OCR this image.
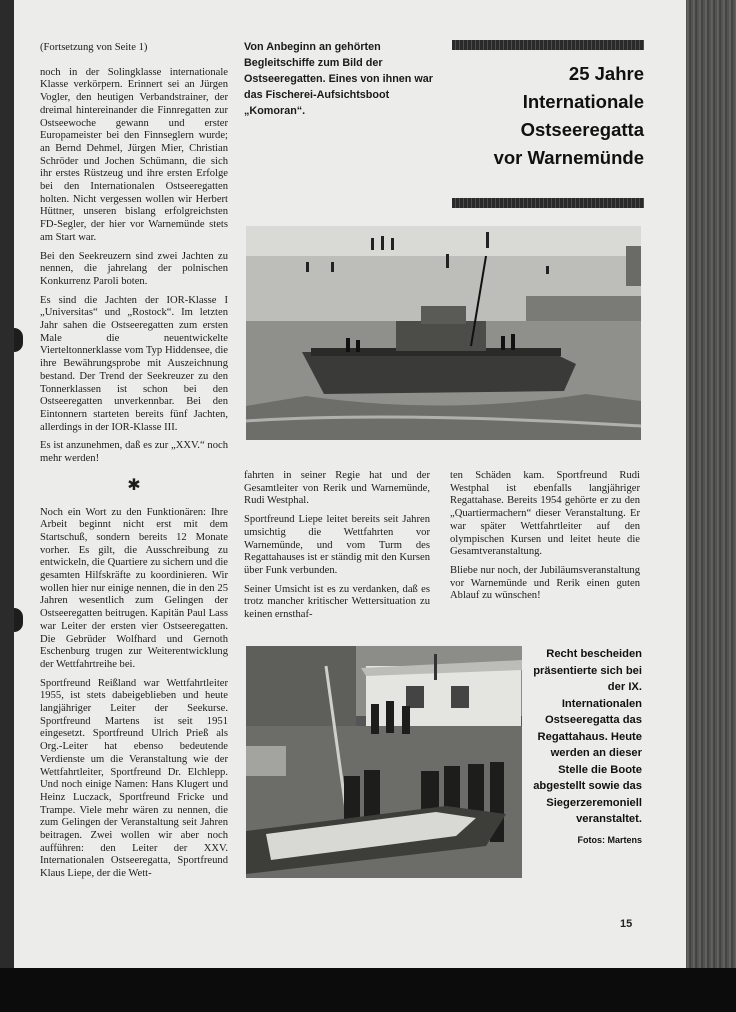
(Fortsetzung von Seite 1)

noch in der Solingklasse internationale Klasse verkörpern. Erinnert sei an Jürgen Vogler, den heutigen Verbandstrainer, der dreimal hintereinander die Finnregatten zur Ostseewoche gewann und erster Europameister bei den Finnseglern wurde; an Bernd Dehmel, Jürgen Mier, Christian Schröder und Jochen Schümann, die sich ihr erstes Rüstzeug und ihre ersten Erfolge bei den Internationalen Ostseeregatten holten. Nicht vergessen wollen wir Herbert Hüttner, unseren bislang erfolgreichsten FD-Segler, der hier vor Warnemünde stets am Start war.

Bei den Seekreuzern sind zwei Jachten zu nennen, die jahrelang der polnischen Konkurrenz Paroli boten.

Es sind die Jachten der IOR-Klasse I „Universitas“ und „Rostock“. Im letzten Jahr sahen die Ostseeregatten zum ersten Male die neuentwickelte Vierteltonnerklasse vom Typ Hiddensee, die ihre Bewährungsprobe mit Auszeichnung bestand. Der Trend der Seekreuzer zu den Tonnerklassen ist schon bei den Ostseeregatten unverkennbar. Bei den Eintonnern starteten bereits fünf Jachten, allerdings in der IOR-Klasse III.

Es ist anzunehmen, daß es zur „XXV.“ noch mehr werden!

✱

Noch ein Wort zu den Funktionären: Ihre Arbeit beginnt nicht erst mit dem Startschuß, sondern bereits 12 Monate vorher. Es gilt, die Ausschreibung zu entwickeln, die Quartiere zu sichern und die gesamten Hilfskräfte zu koordinieren. Wir wollen hier nur einige nennen, die in den 25 Jahren wesentlich zum Gelingen der Ostseeregatten beitrugen. Kapitän Paul Lass war Leiter der ersten vier Ostseeregatten. Die Gebrüder Wolfhard und Gernoth Eschenburg trugen zur Weiterentwicklung der Wettfahrtreihe bei.

Sportfreund Reißland war Wettfahrtleiter 1955, ist stets dabeigeblieben und heute langjähriger Leiter der Seekurse. Sportfreund Martens ist seit 1951 eingesetzt. Sportfreund Ulrich Prieß als Org.-Leiter hat ebenso bedeutende Verdienste um die Veranstaltung wie der Wettfahrtleiter, Sportfreund Dr. Elchlepp. Und noch einige Namen: Hans Klugert und Heinz Luczack, Sportfreund Fricke und Trampe. Viele mehr wären zu nennen, die zum Gelingen der Veranstaltung seit Jahren beitragen. Zwei wollen wir aber noch aufführen: den Leiter der XXV. Internationalen Ostseeregatta, Sportfreund Klaus Liepe, der die Wett-

Von Anbeginn an gehörten Begleitschiffe zum Bild der Ostseeregatten. Eines von ihnen war das Fischerei-Aufsichtsboot „Komoran“.
25 Jahre
Internationale
Ostseeregatta
vor Warnemünde

fahrten in seiner Regie hat und der Gesamtleiter von Rerik und Warnemünde, Rudi Westphal.

Sportfreund Liepe leitet bereits seit Jahren umsichtig die Wettfahrten vor Warnemünde, und vom Turm des Regattahauses ist er ständig mit den Kursen über Funk verbunden.

Seiner Umsicht ist es zu verdanken, daß es trotz mancher kritischer Wettersituation zu keinen ernsthaf-

ten Schäden kam. Sportfreund Rudi Westphal ist ebenfalls langjähriger Regattahase. Bereits 1954 gehörte er zu den „Quartiermachern“ dieser Veranstaltung. Er war später Wettfahrtleiter auf den olympischen Kursen und leitet heute die Gesamtveranstaltung.

Bliebe nur noch, der Jubiläumsveranstaltung vor Warnemünde und Rerik einen guten Ablauf zu wünschen!

Recht bescheiden präsentierte sich bei der IX. Internationalen Ostseeregatta das Regattahaus. Heute werden an dieser Stelle die Boote abgestellt sowie das Siegerzeremoniell veranstaltet.
Fotos: Martens
15
